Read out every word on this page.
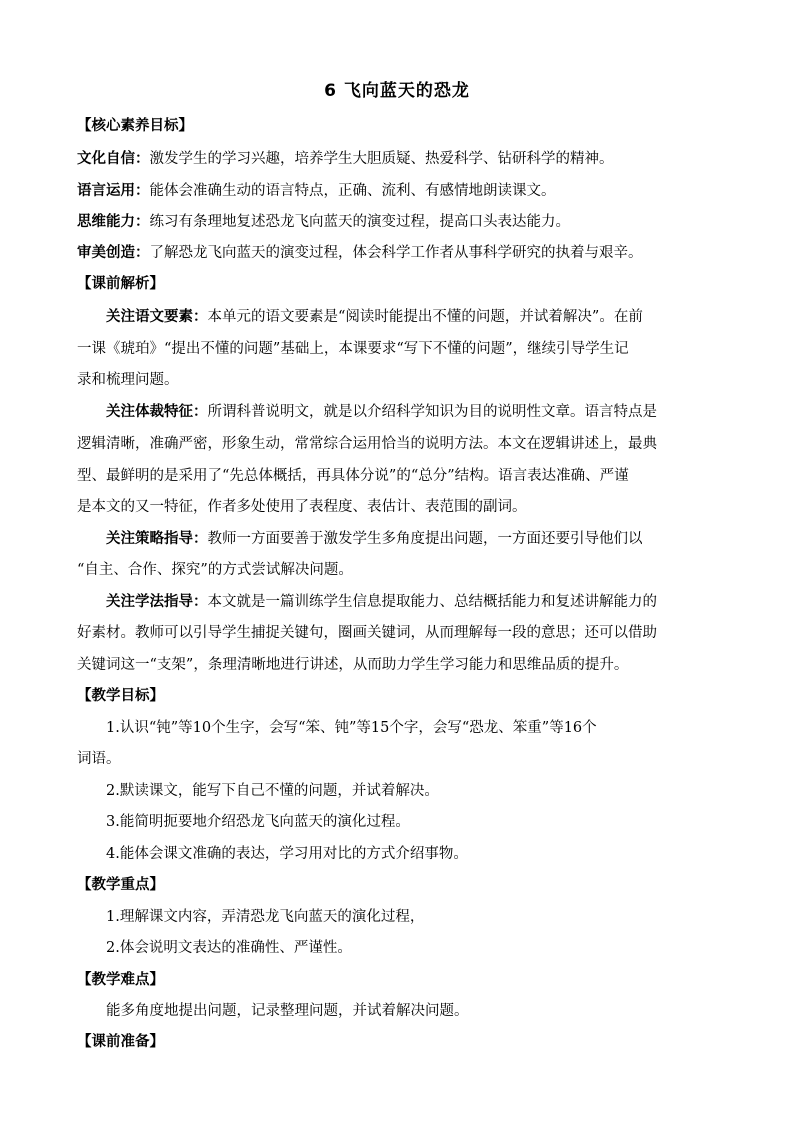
6 飞向蓝天的恐龙
【核心素养目标】
文化自信：激发学生的学习兴趣，培养学生大胆质疑、热爱科学、钻研科学的精神。
语言运用：能体会准确生动的语言特点，正确、流利、有感情地朗读课文。
思维能力：练习有条理地复述恐龙飞向蓝天的演变过程，提高口头表达能力。
审美创造：了解恐龙飞向蓝天的演变过程，体会科学工作者从事科学研究的执着与艰辛。
【课前解析】
关注语文要素：本单元的语文要素是“阅读时能提出不懂的问题，并试着解决”。在前
一课《琥珀》“提出不懂的问题”基础上，本课要求“写下不懂的问题”，继续引导学生记
录和梳理问题。
关注体裁特征：所谓科普说明文，就是以介绍科学知识为目的说明性文章。语言特点是
逻辑清晰，准确严密，形象生动，常常综合运用恰当的说明方法。本文在逻辑讲述上，最典
型、最鲜明的是采用了“先总体概括，再具体分说”的“总分”结构。语言表达准确、严谨
是本文的又一特征，作者多处使用了表程度、表估计、表范围的副词。
关注策略指导：教师一方面要善于激发学生多角度提出问题，一方面还要引导他们以
“自主、合作、探究”的方式尝试解决问题。
关注学法指导：本文就是一篇训练学生信息提取能力、总结概括能力和复述讲解能力的
好素材。教师可以引导学生捕捉关键句，圈画关键词，从而理解每一段的意思；还可以借助
关键词这一“支架”，条理清晰地进行讲述，从而助力学生学习能力和思维品质的提升。
【教学目标】
1.认识“钝”等10个生字，会写“笨、钝”等15个字，会写“恐龙、笨重”等16个
词语。
2.默读课文，能写下自己不懂的问题，并试着解决。
3.能简明扼要地介绍恐龙飞向蓝天的演化过程。
4.能体会课文准确的表达，学习用对比的方式介绍事物。
【教学重点】
1.理解课文内容，弄清恐龙飞向蓝天的演化过程，
2.体会说明文表达的准确性、严谨性。
【教学难点】
能多角度地提出问题，记录整理问题，并试着解决问题。
【课前准备】
